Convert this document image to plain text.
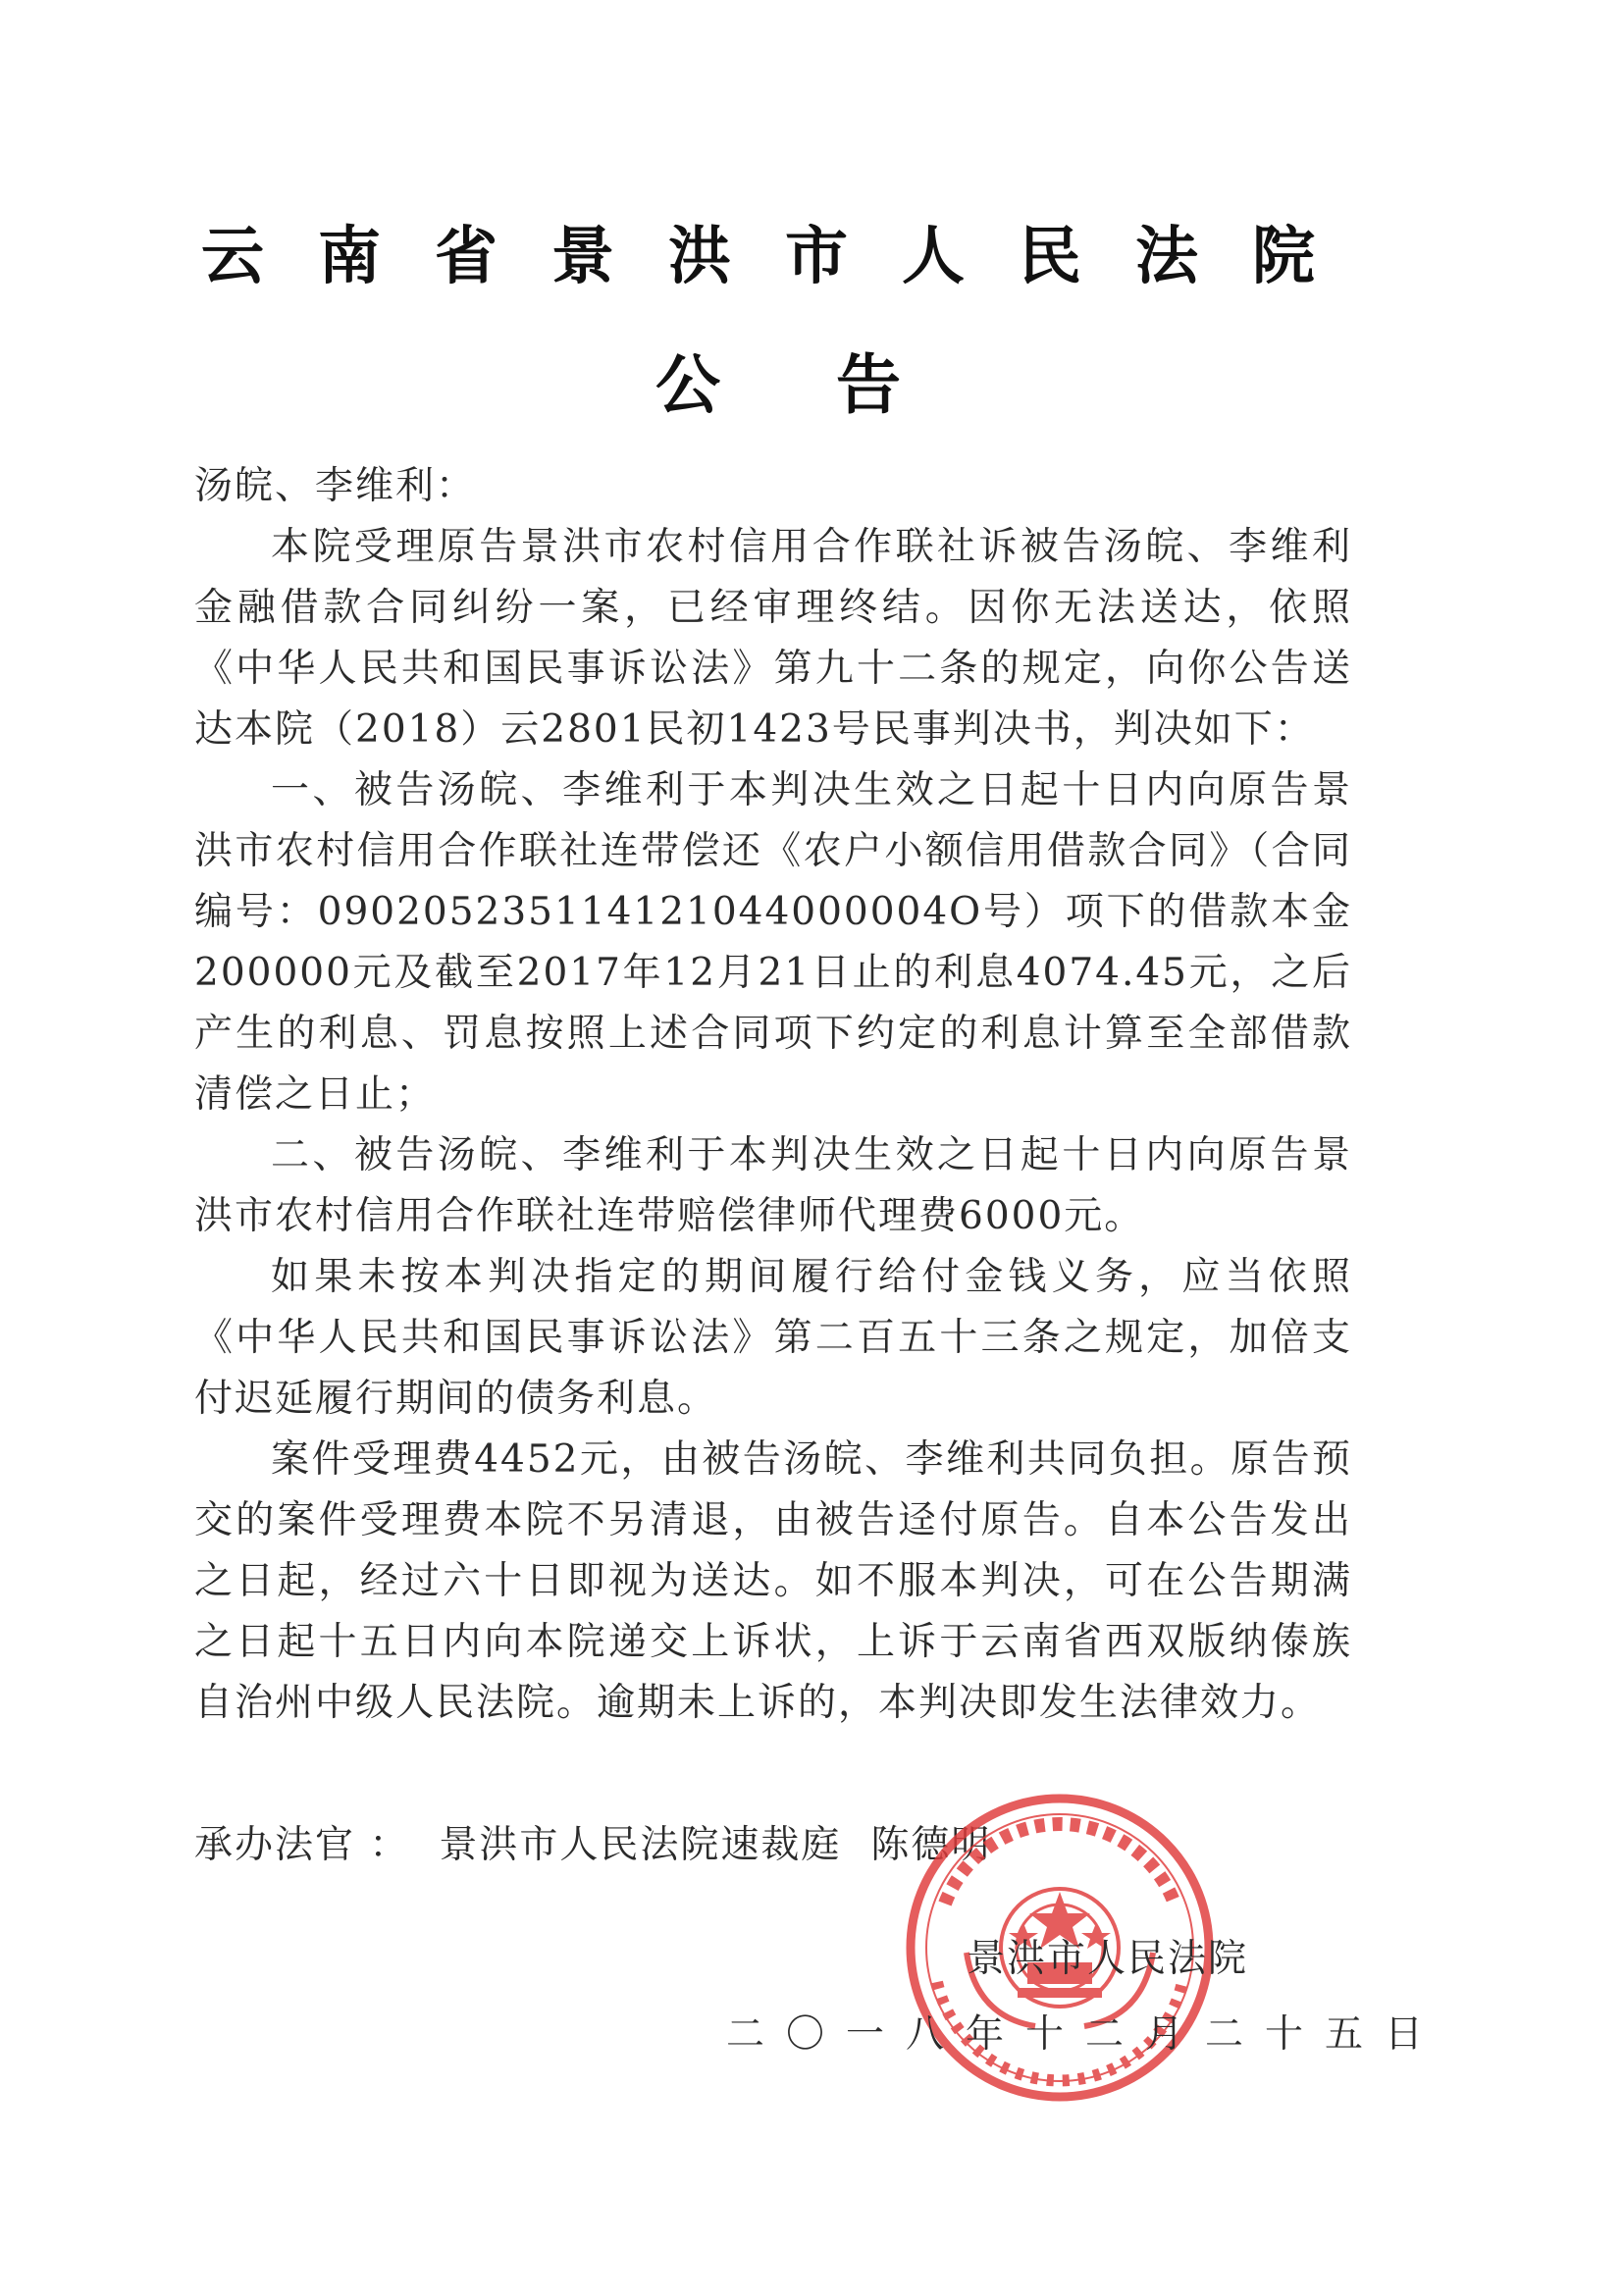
云南省景洪市人民法院
公告

汤皖、李维利：

本院受理原告景洪市农村信用合作联社诉被告汤皖、李维利金融借款合同纠纷一案，已经审理终结。因你无法送达，依照《中华人民共和国民事诉讼法》第九十二条的规定，向你公告送达本院（2018）云2801民初1423号民事判决书，判决如下：

一、被告汤皖、李维利于本判决生效之日起十日内向原告景洪市农村信用合作联社连带偿还《农户小额信用借款合同》（合同编号：090205235114121044000004O号）项下的借款本金200000元及截至2017年12月21日止的利息4074.45元，之后产生的利息、罚息按照上述合同项下约定的利息计算至全部借款清偿之日止；

二、被告汤皖、李维利于本判决生效之日起十日内向原告景洪市农村信用合作联社连带赔偿律师代理费6000元。

如果未按本判决指定的期间履行给付金钱义务，应当依照《中华人民共和国民事诉讼法》第二百五十三条之规定，加倍支付迟延履行期间的债务利息。

案件受理费4452元，由被告汤皖、李维利共同负担。原告预交的案件受理费本院不另清退，由被告迳付原告。自本公告发出之日起，经过六十日即视为送达。如不服本判决，可在公告期满之日起十五日内向本院递交上诉状，上诉于云南省西双版纳傣族自治州中级人民法院。逾期未上诉的，本判决即发生法律效力。

承办法官 ： 景洪市人民法院速裁庭 陈德明
景洪市人民法院
二〇一八年十二月二十五日
